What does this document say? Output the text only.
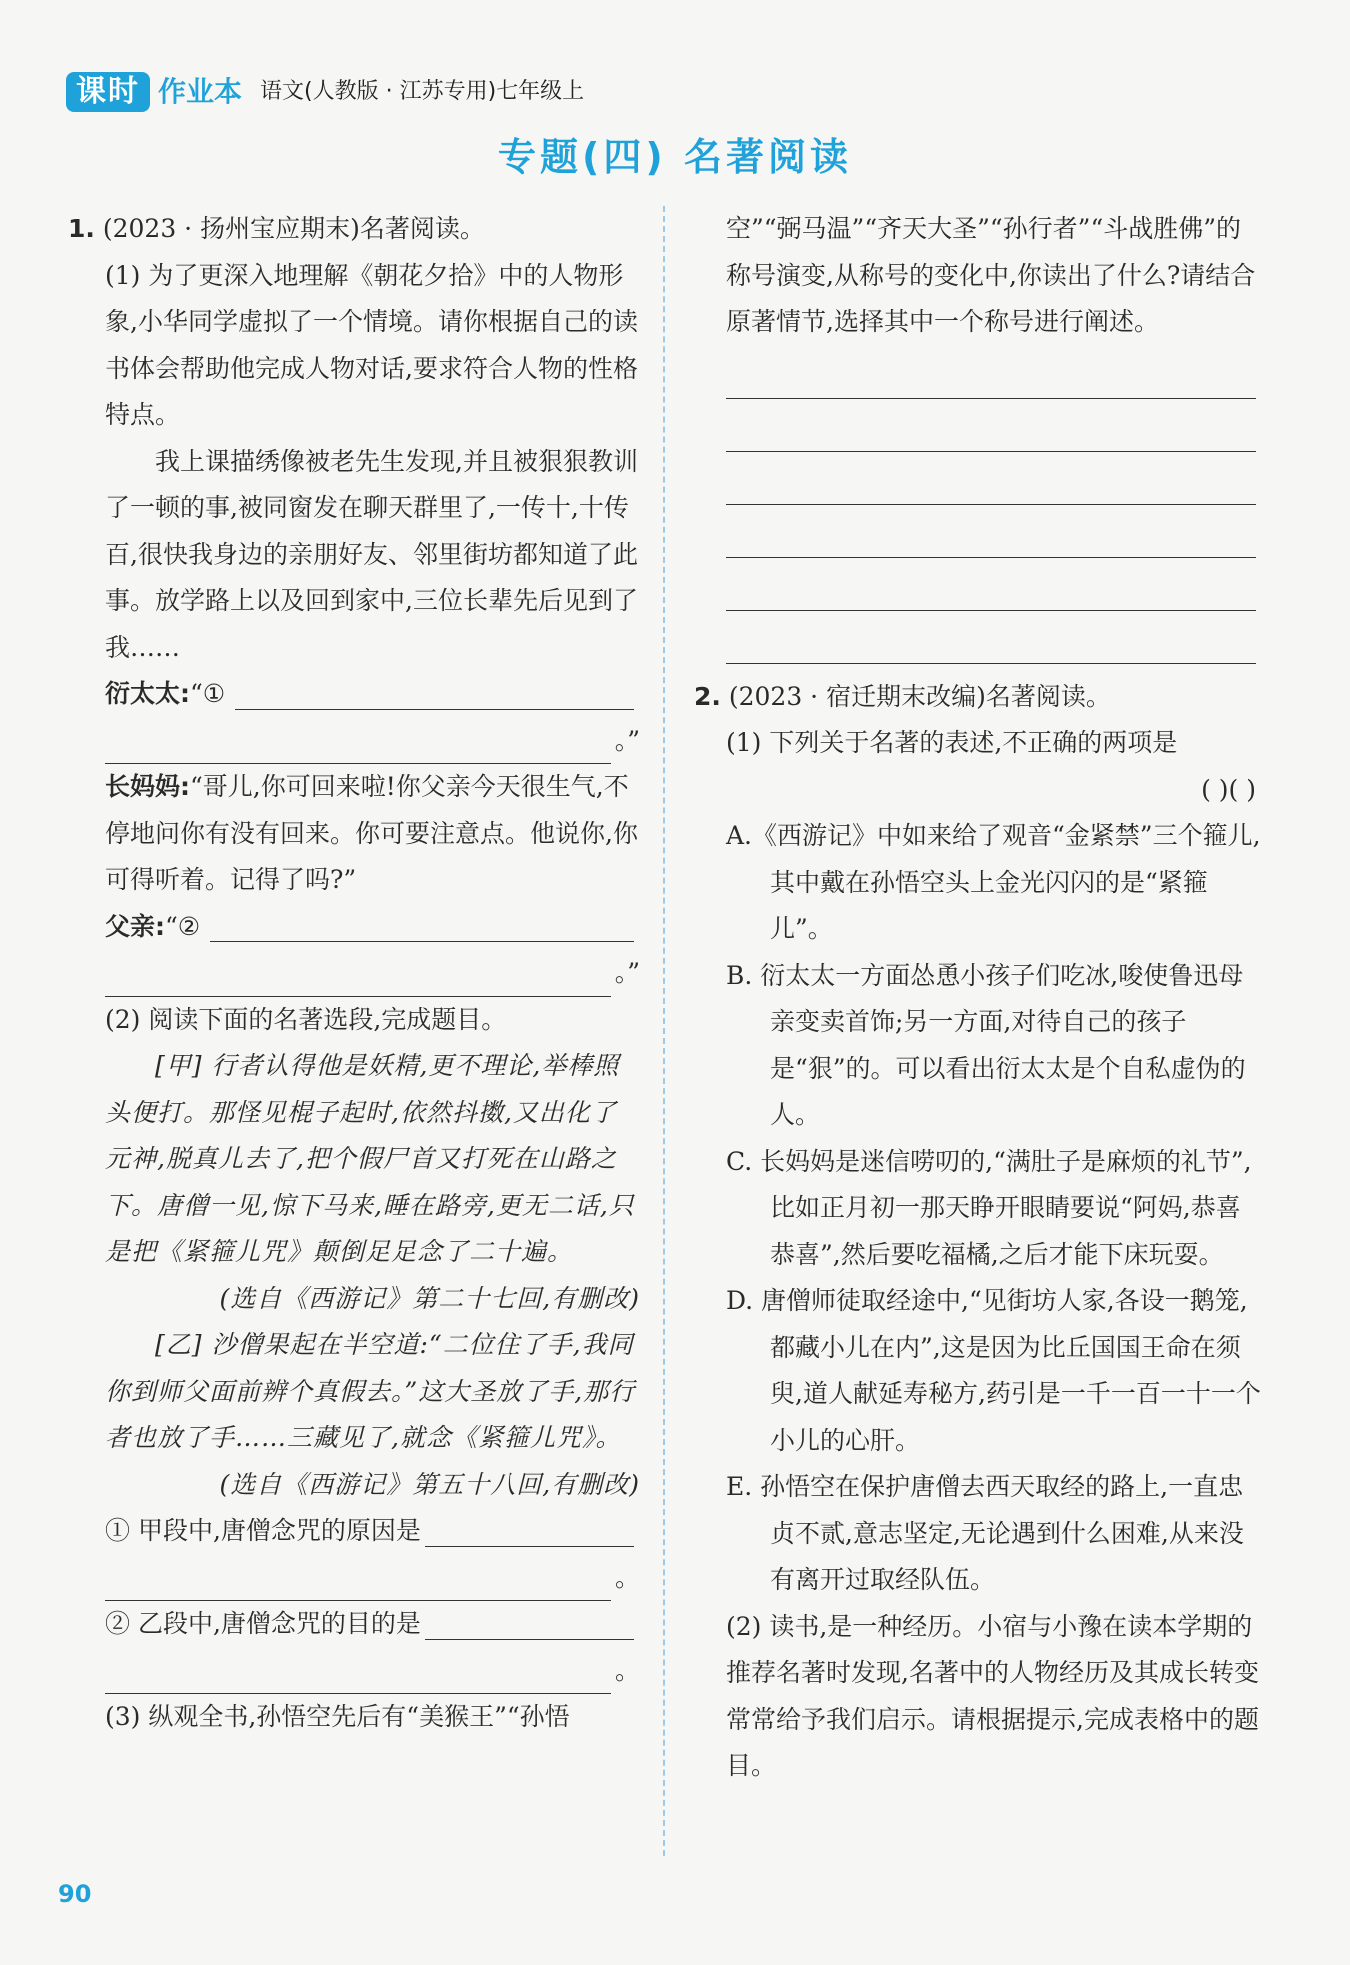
课时 作业本 语文(人教版 · 江苏专用)七年级上
专题(四) 名著阅读

1. (2023 · 扬州宝应期末)名著阅读。

(1) 为了更深入地理解《朝花夕拾》中的人物形象,小华同学虚拟了一个情境。请你根据自己的读书体会帮助他完成人物对话,要求符合人物的性格特点。

我上课描绣像被老先生发现,并且被狠狠教训了一顿的事,被同窗发在聊天群里了,一传十,十传百,很快我身边的亲朋好友、邻里街坊都知道了此事。放学路上以及回到家中,三位长辈先后见到了我……

衍太太: “①
。”

长妈妈:“哥儿,你可回来啦!你父亲今天很生气,不停地问你有没有回来。你可要注意点。他说你,你可得听着。记得了吗?”

父亲: “②
。”

(2) 阅读下面的名著选段,完成题目。

[甲] 行者认得他是妖精,更不理论,举棒照头便打。那怪见棍子起时,依然抖擞,又出化了元神,脱真儿去了,把个假尸首又打死在山路之下。唐僧一见,惊下马来,睡在路旁,更无二话,只是把《紧箍儿咒》颠倒足足念了二十遍。

(选自《西游记》第二十七回,有删改)

[乙] 沙僧果起在半空道:“二位住了手,我同你到师父面前辨个真假去。”这大圣放了手,那行者也放了手……三藏见了,就念《紧箍儿咒》。

(选自《西游记》第五十八回,有删改)

① 甲段中,唐僧念咒的原因是
。
② 乙段中,唐僧念咒的目的是
。

(3) 纵观全书,孙悟空先后有“美猴王”“孙悟

空”“弼马温”“齐天大圣”“孙行者”“斗战胜佛”的称号演变,从称号的变化中,你读出了什么?请结合原著情节,选择其中一个称号进行阐述。

2. (2023 · 宿迁期末改编)名著阅读。

(1) 下列关于名著的表述,不正确的两项是

( )( )

A.《西游记》中如来给了观音“金紧禁”三个箍儿,其中戴在孙悟空头上金光闪闪的是“紧箍儿”。

B. 衍太太一方面怂恿小孩子们吃冰,唆使鲁迅母亲变卖首饰;另一方面,对待自己的孩子是“狠”的。可以看出衍太太是个自私虚伪的人。

C. 长妈妈是迷信唠叨的,“满肚子是麻烦的礼节”,比如正月初一那天睁开眼睛要说“阿妈,恭喜恭喜”,然后要吃福橘,之后才能下床玩耍。

D. 唐僧师徒取经途中,“见街坊人家,各设一鹅笼,都藏小儿在内”,这是因为比丘国国王命在须臾,道人献延寿秘方,药引是一千一百一十一个小儿的心肝。

E. 孙悟空在保护唐僧去西天取经的路上,一直忠贞不贰,意志坚定,无论遇到什么困难,从来没有离开过取经队伍。

(2) 读书,是一种经历。小宿与小豫在读本学期的推荐名著时发现,名著中的人物经历及其成长转变常常给予我们启示。请根据提示,完成表格中的题目。

90
